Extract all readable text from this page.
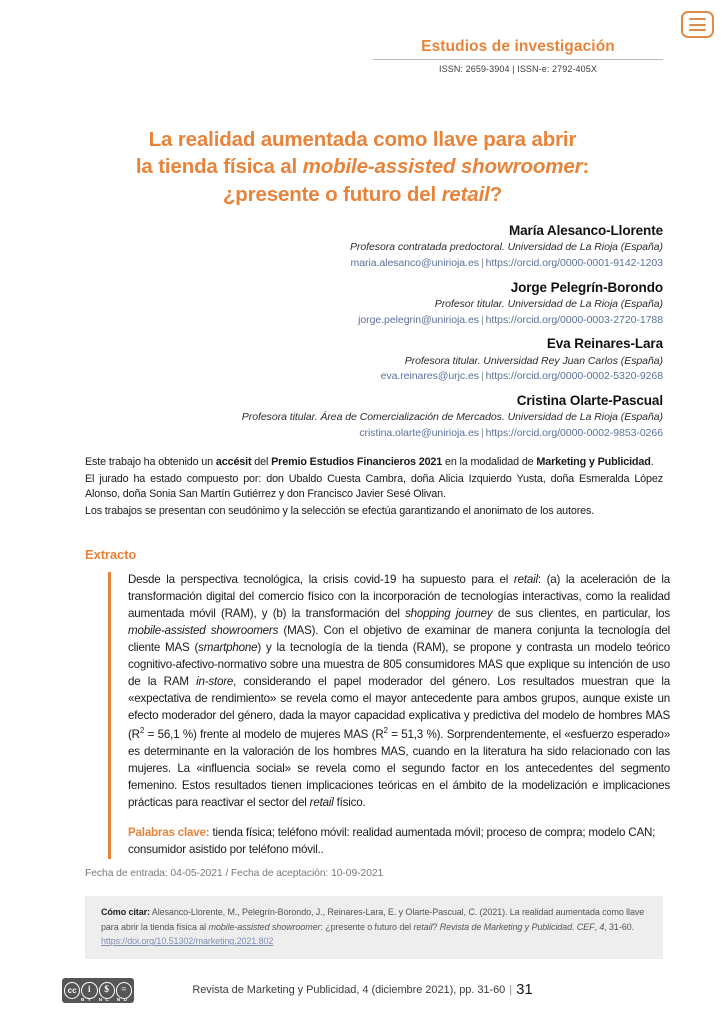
Estudios de investigación
ISSN: 2659-3904 | ISSN-e: 2792-405X
La realidad aumentada como llave para abrir
la tienda física al mobile-assisted showroomer:
¿presente o futuro del retail?
María Alesanco-Llorente
Profesora contratada predoctoral. Universidad de La Rioja (España)
maria.alesanco@unirioja.es | https://orcid.org/0000-0001-9142-1203
Jorge Pelegrín-Borondo
Profesor titular. Universidad de La Rioja (España)
jorge.pelegrin@unirioja.es | https://orcid.org/0000-0003-2720-1788
Eva Reinares-Lara
Profesora titular. Universidad Rey Juan Carlos (España)
eva.reinares@urjc.es | https://orcid.org/0000-0002-5320-9268
Cristina Olarte-Pascual
Profesora titular. Área de Comercialización de Mercados. Universidad de La Rioja (España)
cristina.olarte@unirioja.es | https://orcid.org/0000-0002-9853-0266

Este trabajo ha obtenido un accésit del Premio Estudios Financieros 2021 en la modalidad de Marketing y Publicidad.

El jurado ha estado compuesto por: don Ubaldo Cuesta Cambra, doña Alicia Izquierdo Yusta, doña Esmeralda López Alonso, doña Sonia San Martín Gutiérrez y don Francisco Javier Sesé Olivan.

Los trabajos se presentan con seudónimo y la selección se efectúa garantizando el anonimato de los autores.

Extracto
Desde la perspectiva tecnológica, la crisis covid-19 ha supuesto para el retail: (a) la aceleración de la transformación digital del comercio físico con la incorporación de tecnologías interactivas, como la realidad aumentada móvil (RAM), y (b) la transformación del shopping journey de sus clientes, en particular, los mobile-assisted showroomers (MAS). Con el objetivo de examinar de manera conjunta la tecnología del cliente MAS (smartphone) y la tecnología de la tienda (RAM), se propone y contrasta un modelo teórico cognitivo-afectivo-normativo sobre una muestra de 805 consumidores MAS que explique su intención de uso de la RAM in-store, considerando el papel moderador del género. Los resultados muestran que la «expectativa de rendimiento» se revela como el mayor antecedente para ambos grupos, aunque existe un efecto moderador del género, dada la mayor capacidad explicativa y predictiva del modelo de hombres MAS ($R^2 = 56,1$ %) frente al modelo de mujeres MAS ($R^2 = 51,3$ %). Sorprendentemente, el «esfuerzo esperado» es determinante en la valoración de los hombres MAS, cuando en la literatura ha sido relacionado con las mujeres. La «influencia social» se revela como el segundo factor en los antecedentes del segmento femenino. Estos resultados tienen implicaciones teóricas en el ámbito de la modelización e implicaciones prácticas para reactivar el sector del retail físico.
Palabras clave: tienda física; teléfono móvil: realidad aumentada móvil; proceso de compra; modelo CAN; consumidor asistido por teléfono móvil..
Fecha de entrada: 04-05-2021 / Fecha de aceptación: 10-09-2021
Cómo citar: Alesanco-Llorente, M., Pelegrín-Borondo, J., Reinares-Lara, E. y Olarte-Pascual, C. (2021). La realidad aumentada como llave para abrir la tienda física al mobile-assisted showroomer: ¿presente o futuro del retail? Revista de Marketing y Publicidad. CEF, 4, 31-60. https://doi.org/10.51302/marketing.2021.802
cc	i	$	=
BY NC ND
Revista de Marketing y Publicidad, 4 (diciembre 2021), pp. 31-60 | 31
